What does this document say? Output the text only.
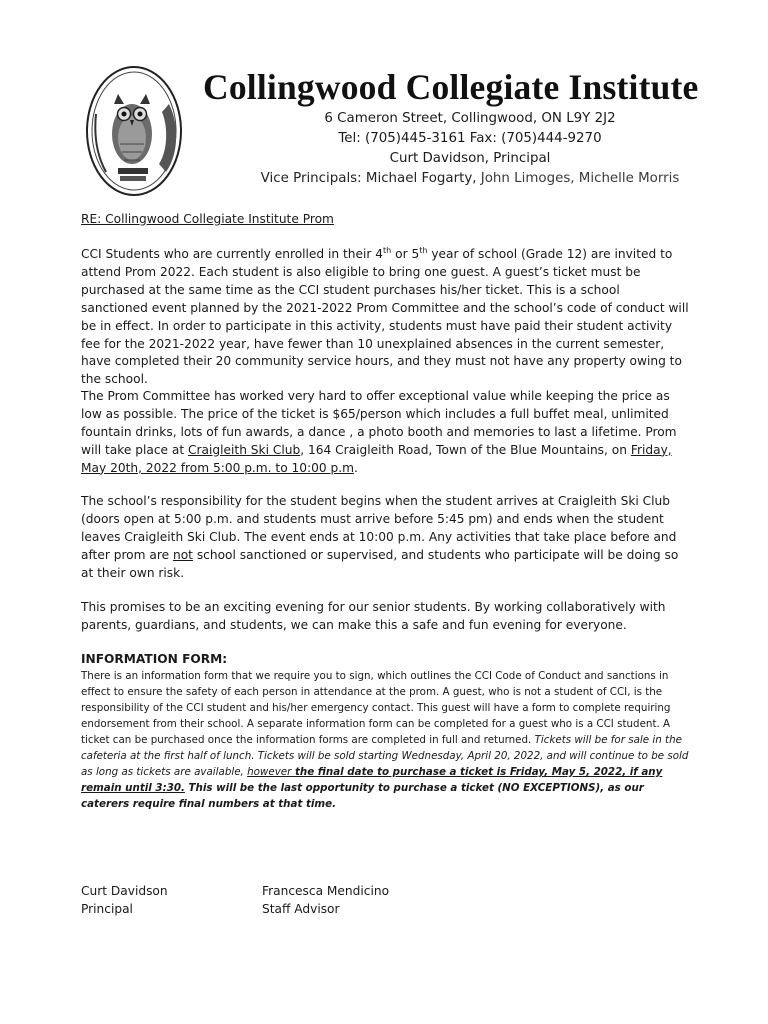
Collingwood Collegiate Institute
6 Cameron Street, Collingwood, ON L9Y 2J2
Tel: (705)445-3161 Fax: (705)444-9270
Curt Davidson, Principal
Vice Principals: Michael Fogarty, John Limoges, Michelle Morris
RE: Collingwood Collegiate Institute Prom
CCI Students who are currently enrolled in their 4th or 5th year of school (Grade 12) are invited to attend Prom 2022. Each student is also eligible to bring one guest. A guest’s ticket must be purchased at the same time as the CCI student purchases his/her ticket. This is a school sanctioned event planned by the 2021-2022 Prom Committee and the school’s code of conduct will be in effect. In order to participate in this activity, students must have paid their student activity fee for the 2021-2022 year, have fewer than 10 unexplained absences in the current semester, have completed their 20 community service hours, and they must not have any property owing to the school.
The Prom Committee has worked very hard to offer exceptional value while keeping the price as low as possible. The price of the ticket is $65/person which includes a full buffet meal, unlimited fountain drinks, lots of fun awards, a dance , a photo booth and memories to last a lifetime. Prom will take place at Craigleith Ski Club, 164 Craigleith Road, Town of the Blue Mountains, on Friday, May 20th, 2022 from 5:00 p.m. to 10:00 p.m.
The school’s responsibility for the student begins when the student arrives at Craigleith Ski Club (doors open at 5:00 p.m. and students must arrive before 5:45 pm) and ends when the student leaves Craigleith Ski Club. The event ends at 10:00 p.m. Any activities that take place before and after prom are not school sanctioned or supervised, and students who participate will be doing so at their own risk.
This promises to be an exciting evening for our senior students. By working collaboratively with parents, guardians, and students, we can make this a safe and fun evening for everyone.
INFORMATION FORM:
There is an information form that we require you to sign, which outlines the CCI Code of Conduct and sanctions in effect to ensure the safety of each person in attendance at the prom. A guest, who is not a student of CCI, is the responsibility of the CCI student and his/her emergency contact. This guest will have a form to complete requiring endorsement from their school. A separate information form can be completed for a guest who is a CCI student. A ticket can be purchased once the information forms are completed in full and returned. Tickets will be for sale in the cafeteria at the first half of lunch. Tickets will be sold starting Wednesday, April 20, 2022, and will continue to be sold as long as tickets are available, however the final date to purchase a ticket is Friday, May 5, 2022, if any remain until 3:30. This will be the last opportunity to purchase a ticket (NO EXCEPTIONS), as our caterers require final numbers at that time.
Curt Davidson
Principal
Francesca Mendicino
Staff Advisor
